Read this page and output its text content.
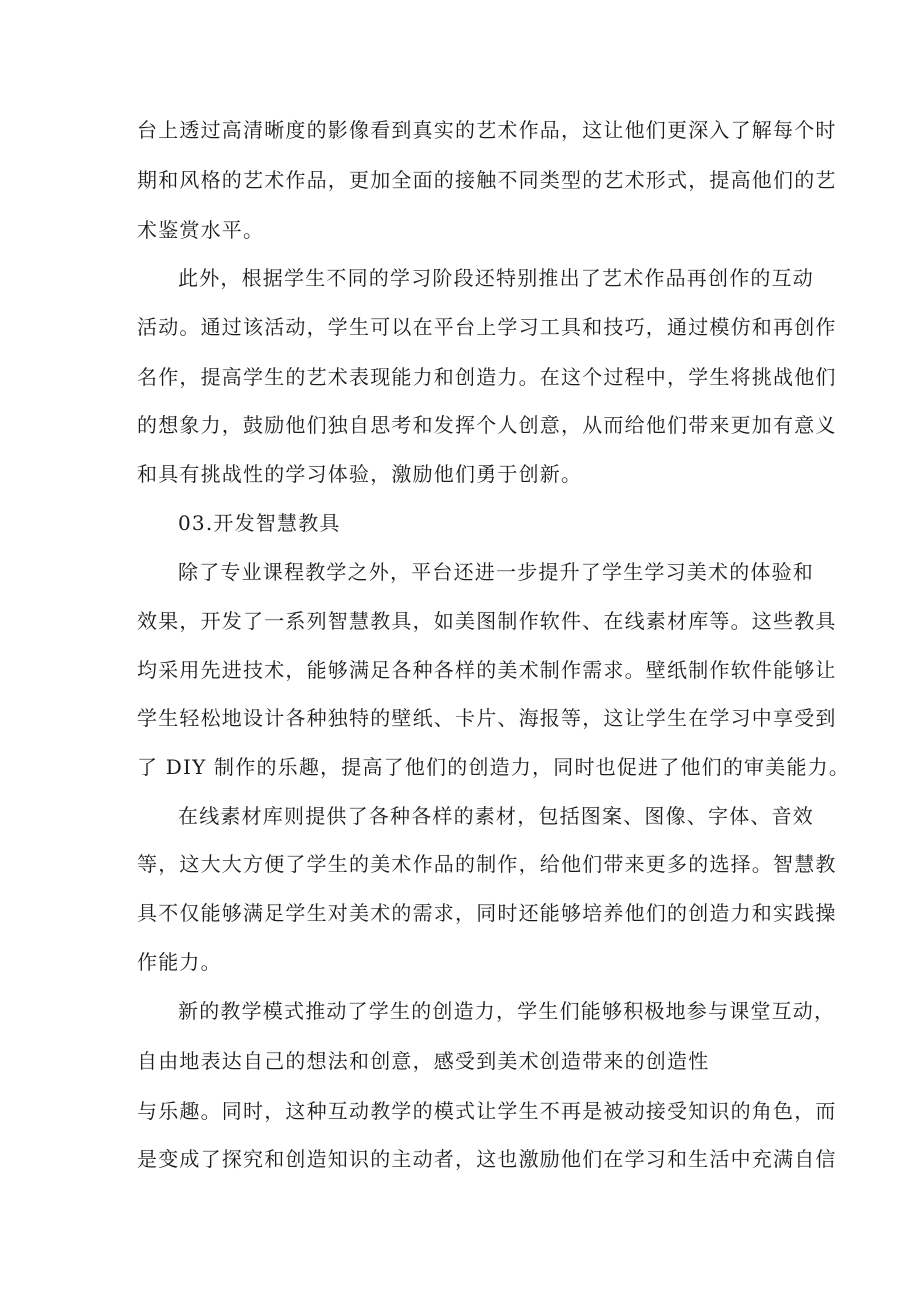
台上透过高清晰度的影像看到真实的艺术作品，这让他们更深入了解每个时
期和风格的艺术作品，更加全面的接触不同类型的艺术形式，提高他们的艺
术鉴赏水平。
此外，根据学生不同的学习阶段还特别推出了艺术作品再创作的互动
活动。通过该活动，学生可以在平台上学习工具和技巧，通过模仿和再创作
名作，提高学生的艺术表现能力和创造力。在这个过程中，学生将挑战他们
的想象力，鼓励他们独自思考和发挥个人创意，从而给他们带来更加有意义
和具有挑战性的学习体验，激励他们勇于创新。
03.开发智慧教具
除了专业课程教学之外，平台还进一步提升了学生学习美术的体验和
效果，开发了一系列智慧教具，如美图制作软件、在线素材库等。这些教具
均采用先进技术，能够满足各种各样的美术制作需求。壁纸制作软件能够让
学生轻松地设计各种独特的壁纸、卡片、海报等，这让学生在学习中享受到
了 DIY 制作的乐趣，提高了他们的创造力，同时也促进了他们的审美能力。
在线素材库则提供了各种各样的素材，包括图案、图像、字体、音效
等，这大大方便了学生的美术作品的制作，给他们带来更多的选择。智慧教
具不仅能够满足学生对美术的需求，同时还能够培养他们的创造力和实践操
作能力。
新的教学模式推动了学生的创造力，学生们能够积极地参与课堂互动，
自由地表达自己的想法和创意，感受到美术创造带来的创造性
与乐趣。同时，这种互动教学的模式让学生不再是被动接受知识的角色，而
是变成了探究和创造知识的主动者，这也激励他们在学习和生活中充满自信
